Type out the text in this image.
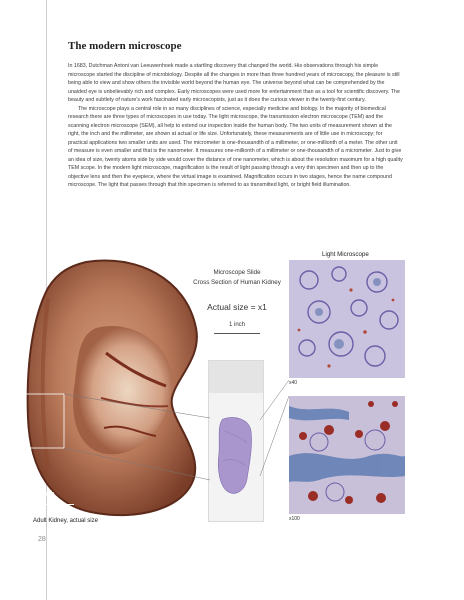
The modern microscope

In 1683, Dutchman Antoni van Leeuwenhoek made a startling discovery that changed the world. His observations through his simple microscope started the discipline of microbiology. Despite all the changes in more than three hundred years of microscopy, the pleasure is still being able to view and show others the invisible world beyond the human eye. The universe beyond what can be comprehended by the unaided eye is unbelievably rich and complex. Early microscopes were used more for entertainment than as a tool for scientific discovery. The beauty and subtlety of nature's work fascinated early microscopists, just as it does the curious viewer in the twenty-first century.

The microscope plays a central role in so many disciplines of science, especially medicine and biology. In the majority of biomedical research there are three types of microscopes in use today. The light microscope, the transmission electron microscope (TEM) and the scanning electron microscope (SEM), all help to extend our inspection inside the human body. The two units of measurement shown at the right, the inch and the millimeter, are shown at actual or life size. Unfortunately, these measurements are of little use in microscopy; for practical applications two smaller units are used. The micrometer is one-thousandth of a millimeter, or one-millionth of a meter. The other unit of measure is even smaller and that is the nanometer. It measures one-millionth of a millimeter or one-thousandth of a micrometer. Just to give an idea of size, twenty atoms side by side would cover the distance of one nanometer, which is about the resolution maximum for a high quality TEM scope. In the modern light microscope, magnification is the result of light passing through a very thin specimen and then up to the objective lens and then the eyepiece, where the virtual image is examined. Magnification occurs in two stages, hence the name compound microscope. The light that passes through that thin specimen is referred to as transmitted light, or bright field illumination.

1 inch
Adult Kidney, actual size
Microscope Slide
Cross Section of Human Kidney
Actual size = x1
1 inch
Light Microscope
x40
x100
28
